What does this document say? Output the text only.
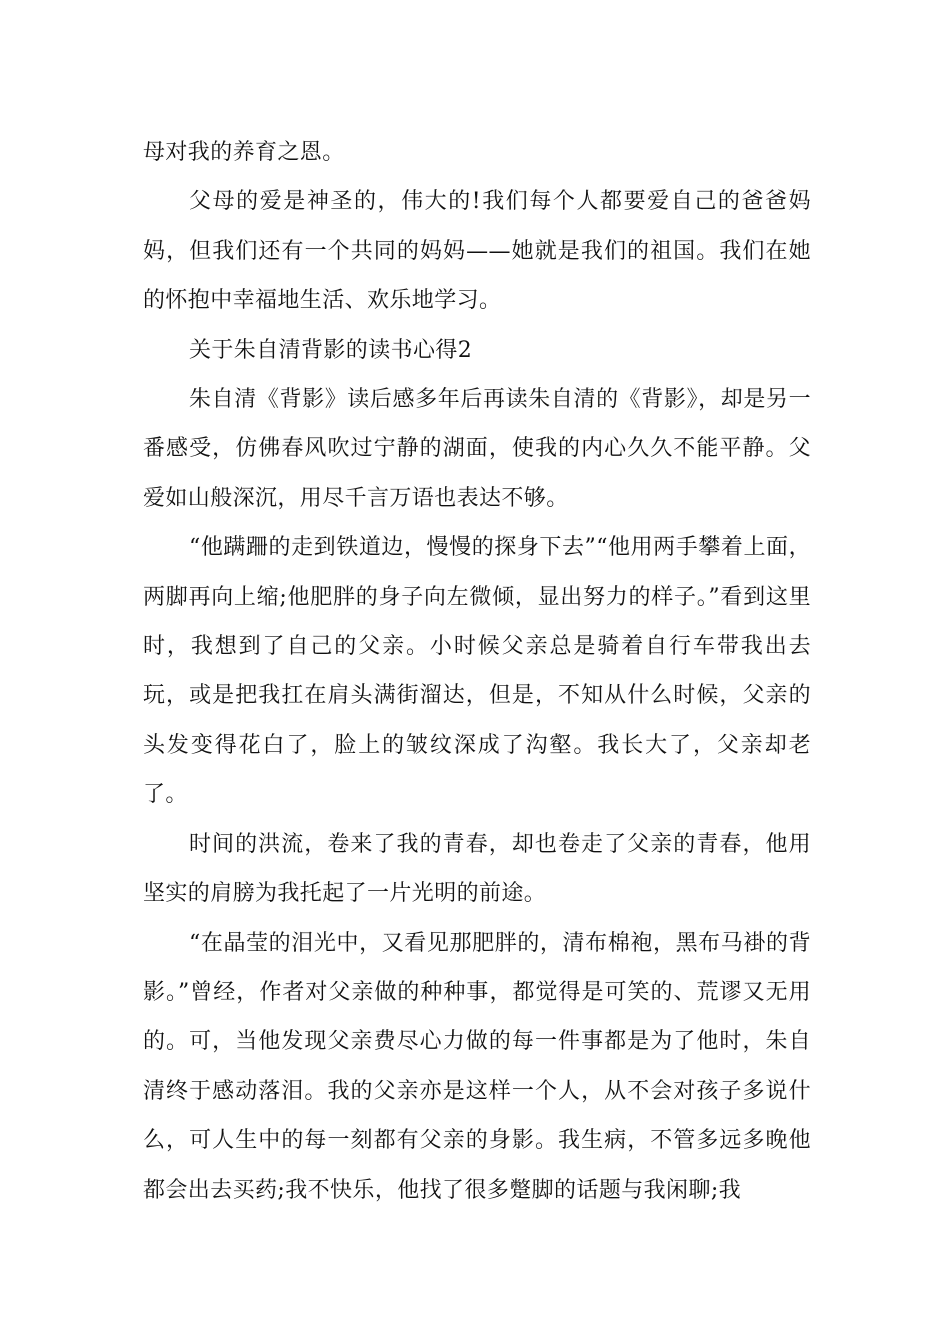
母对我的养育之恩。

父母的爱是神圣的，伟大的!我们每个人都要爱自己的爸爸妈妈，但我们还有一个共同的妈妈——她就是我们的祖国。我们在她的怀抱中幸福地生活、欢乐地学习。

关于朱自清背影的读书心得2

朱自清《背影》读后感多年后再读朱自清的《背影》，却是另一番感受，仿佛春风吹过宁静的湖面，使我的内心久久不能平静。父爱如山般深沉，用尽千言万语也表达不够。

“他蹒跚的走到铁道边，慢慢的探身下去”“他用两手攀着上面，两脚再向上缩;他肥胖的身子向左微倾，显出努力的样子。”看到这里时，我想到了自己的父亲。小时候父亲总是骑着自行车带我出去玩，或是把我扛在肩头满街溜达，但是，不知从什么时候，父亲的头发变得花白了，脸上的皱纹深成了沟壑。我长大了，父亲却老了。

时间的洪流，卷来了我的青春，却也卷走了父亲的青春，他用坚实的肩膀为我托起了一片光明的前途。

“在晶莹的泪光中，又看见那肥胖的，清布棉袍，黑布马褂的背影。”曾经，作者对父亲做的种种事，都觉得是可笑的、荒谬又无用的。可，当他发现父亲费尽心力做的每一件事都是为了他时，朱自清终于感动落泪。我的父亲亦是这样一个人，从不会对孩子多说什么，可人生中的每一刻都有父亲的身影。我生病，不管多远多晚他都会出去买药;我不快乐，他找了很多蹩脚的话题与我闲聊;我
